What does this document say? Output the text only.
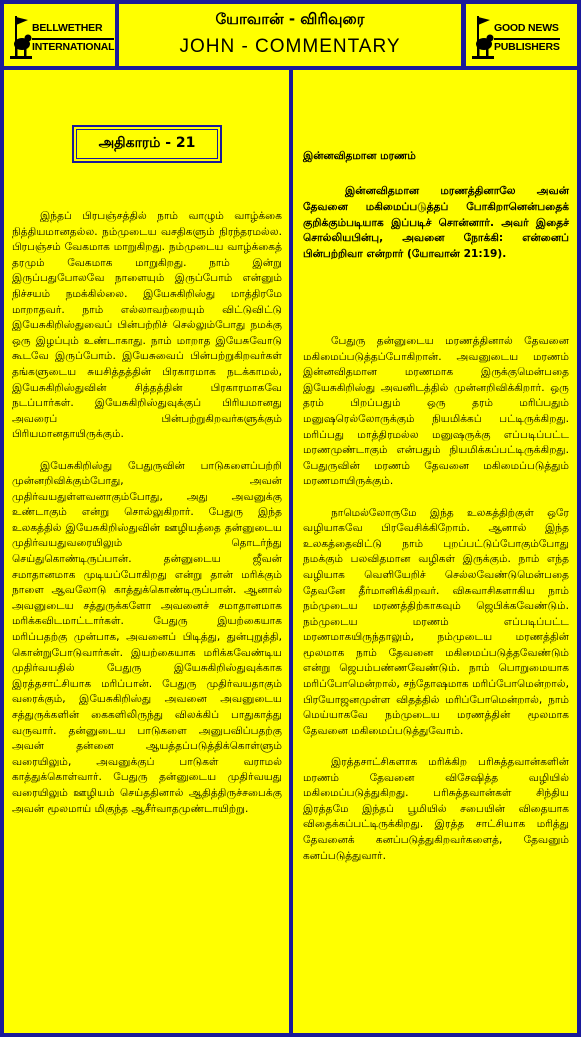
BELLWETHER
INTERNATIONAL
யோவான் - விரிவுரை
JOHN - COMMENTARY
GOOD NEWS
PUBLISHERS
அதிகாரம் - 21

இந்தப் பிரபஞ்சத்தில் நாம் வாழும் வாழ்க்கை நித்தியமானதல்ல. நம்முடைய வசதிகளும் நிரந்தரமல்ல. பிரபஞ்சம் வேகமாக மாறுகிறது. நம்முடைய வாழ்க்கைத் தரமும் வேகமாக மாறுகிறது. நாம் இன்று இருப்பதுபோலவே நாளையும் இருப்போம் என்னும் நிச்சயம் நமக்கில்லை. இயேசுகிறிஸ்து மாத்திரமே மாறாதவர். நாம் எல்லாவற்றையும் விட்டுவிட்டு இயேசுகிறிஸ்துவைப் பின்பற்றிச் செல்லும்போது நமக்கு ஒரு இழப்பும் உண்டாகாது. நாம் மாறாத இயேசுவோடு கூடவே இருப்போம். இயேசுவைப் பின்பற்றுகிறவர்கள் தங்களுடைய சுயசித்தத்தின் பிரகாரமாக நடக்காமல், இயேசுகிறிஸ்துவின் சித்தத்தின் பிரகாரமாகவே நடப்பார்கள். இயேசுகிறிஸ்துவுக்குப் பிரியமானது அவரைப் பின்பற்றுகிறவர்களுக்கும் பிரியமானதாயிருக்கும்.

இயேசுகிறிஸ்து பேதுருவின் பாடுகளைப்பற்றி முன்னறிவிக்கும்போது, அவன் முதிர்வயதுள்ளவனாகும்போது, அது அவனுக்கு உண்டாகும் என்று சொல்லுகிறார். பேதுரு இந்த உலகத்தில் இயேசுகிறிஸ்துவின் ஊழியத்தை தன்னுடைய முதிர்வயதுவரையிலும் தொடர்ந்து செய்துகொண்டிருப்பான். தன்னுடைய ஜீவன் சமாதானமாக முடியப்போகிறது என்று தான் மரிக்கும் நாளை ஆவலோடு காத்துக்கொண்டிருப்பான். ஆனால் அவனுடைய சத்துருக்களோ அவனைச் சமாதானமாக மரிக்கவிடமாட்டார்கள். பேதுரு இயற்கையாக மரிப்பதற்கு முன்பாக, அவனைப் பிடித்து, துன்புறுத்தி, கொன்றுபோடுவார்கள். இயற்கையாக மரிக்கவேண்டிய முதிர்வயதில் பேதுரு இயேசுகிறிஸ்துவுக்காக இரத்தசாட்சியாக மரிப்பான். பேதுரு முதிர்வயதாகும் வரைக்கும், இயேசுகிறிஸ்து அவனை அவனுடைய சத்துருக்களின் கைகளிலிருந்து விலக்கிப் பாதுகாத்து வருவார். தன்னுடைய பாடுகளை அனுபவிப்பதற்கு அவன் தன்னை ஆயத்தப்படுத்திக்கொள்ளும் வரையிலும், அவனுக்குப் பாடுகள் வராமல் காத்துக்கொள்வார். பேதுரு தன்னுடைய முதிர்வயது வரையிலும் ஊழியம் செய்ததினால் ஆதித்திருச்சபைக்கு அவன் மூலமாய் மிகுந்த ஆசீர்வாதமுண்டாயிற்று.

இன்னவிதமான மரணம்
இன்னவிதமான மரணத்தினாலே அவன் தேவனை மகிமைப்படுத்தப் போகிறானென்பதைக் குறிக்கும்படியாக இப்படிச் சொன்னார். அவர் இதைச் சொல்லியபின்பு, அவனை நோக்கி: என்னைப் பின்பற்றிவா என்றார் (யோவான் 21:19).

பேதுரு தன்னுடைய மரணத்தினால் தேவனை மகிமைப்படுத்தப்போகிறான். அவனுடைய மரணம் இன்னவிதமான மரணமாக இருக்குமென்பதை இயேசுகிறிஸ்து அவனிடத்தில் முன்னறிவிக்கிறார். ஒரு தரம் பிறப்பதும் ஒரு தரம் மரிப்பதும் மனுஷரெல்லோருக்கும் நியமிக்கப் பட்டிருக்கிறது. மரிப்பது மாத்திரமல்ல மனுஷருக்கு எப்படிப்பட்ட மரணமுண்டாகும் என்பதும் நியமிக்கப்பட்டிருக்கிறது. பேதுருவின் மரணம் தேவனை மகிமைப்படுத்தும் மரணமாயிருக்கும்.

நாமெல்லோருமே இந்த உலகத்திற்குள் ஒரே வழியாகவே பிரவேசிக்கிறோம். ஆனால் இந்த உலகத்தைவிட்டு நாம் புறப்பட்டுப்போகும்போது நமக்கும் பலவிதமான வழிகள் இருக்கும். நாம் எந்த வழியாக வெளியேறிச் செல்லவேண்டுமென்பதை தேவனே தீர்மானிக்கிறவர். விசுவாசிகளாகிய நாம் நம்முடைய மரணத்திற்காகவும் ஜெபிக்கவேண்டும். நம்முடைய மரணம் எப்படிப்பட்ட மரணமாகயிருந்தாலும், நம்முடைய மரணத்தின் மூலமாக நாம் தேவனை மகிமைப்படுத்தவேண்டும் என்று ஜெபம்பண்ணவேண்டும். நாம் பொறுமையாக மரிப்போமென்றால், சந்தோஷமாக மரிப்போமென்றால், பிரயோஜனமுள்ள விதத்தில் மரிப்போமென்றால், நாம் மெய்யாகவே நம்முடைய மரணத்தின் மூலமாக தேவனை மகிமைப்படுத்துவோம்.

இரத்தசாட்சிகளாக மரிக்கிற பரிசுத்தவான்களின் மரணம் தேவனை விசேஷித்த வழியில் மகிமைப்படுத்துகிறது. பரிசுத்தவான்கள் சிந்திய இரத்தமே இந்தப் பூமியில் சபையின் விதையாக விதைக்கப்பட்டிருக்கிறது. இரத்த சாட்சியாக மரித்து தேவனைக் கனப்படுத்துகிறவர்களைத், தேவனும் கனப்படுத்துவார்.
